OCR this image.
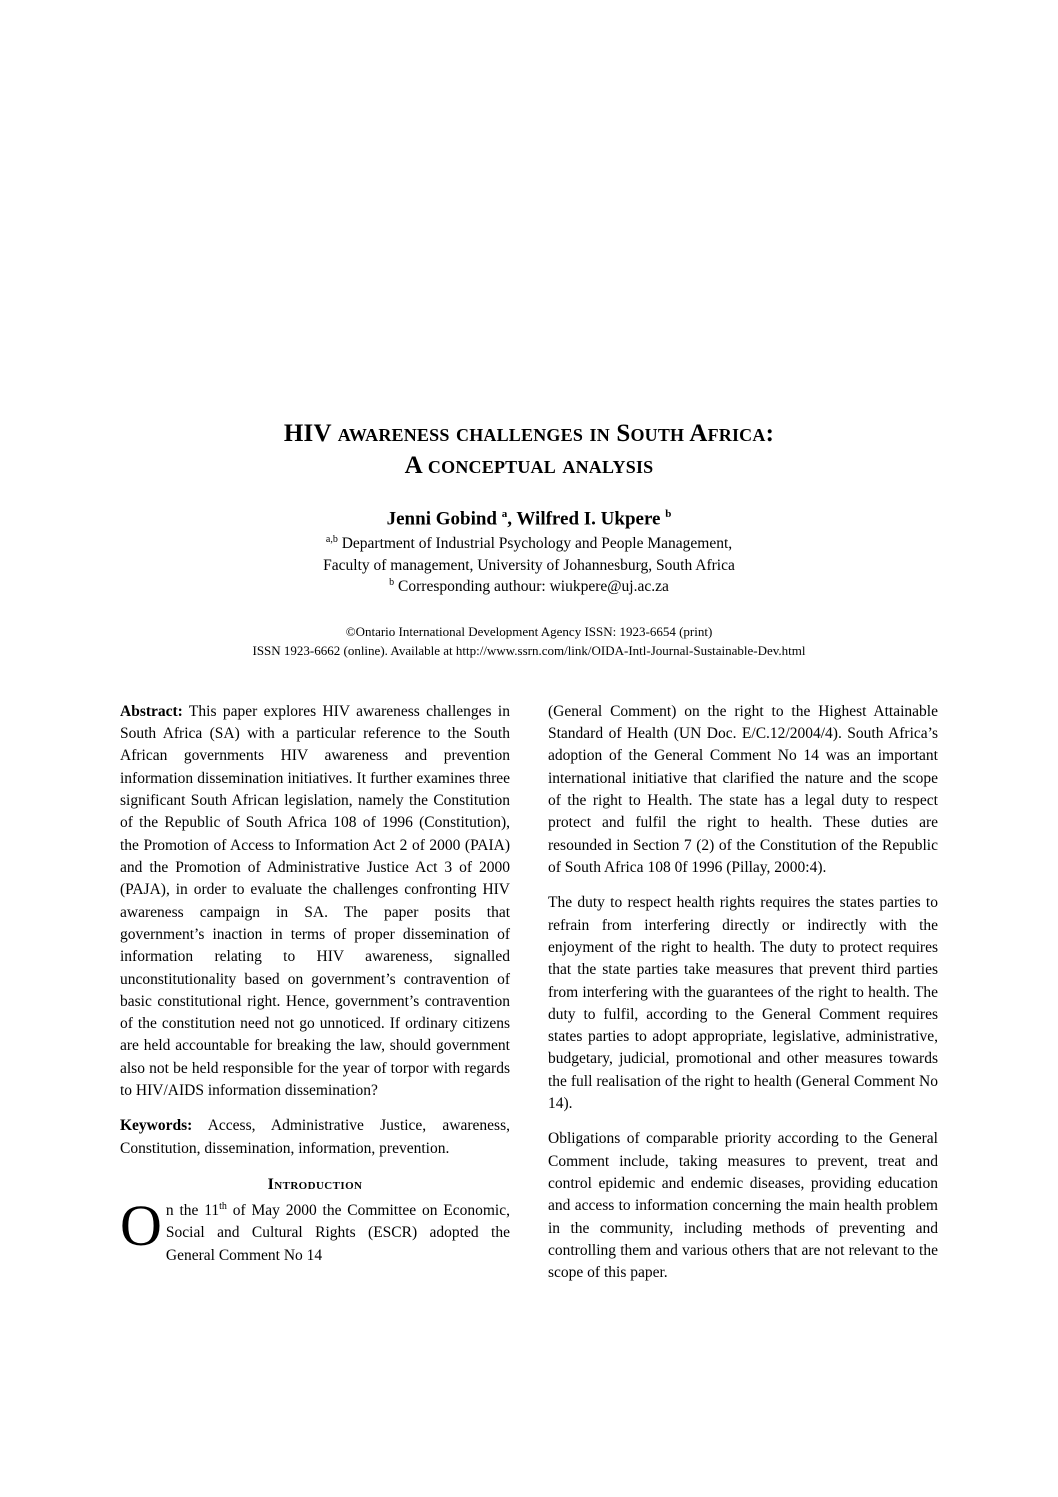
HIV awareness challenges in South Africa:
A conceptual analysis
Jenni Gobind $^a$, Wilfred I. Ukpere $^b$
$^{a,b}$ Department of Industrial Psychology and People Management,
Faculty of management, University of Johannesburg, South Africa
$^b$ Corresponding authour: wiukpere@uj.ac.za
©Ontario International Development Agency ISSN: 1923-6654 (print)
ISSN 1923-6662 (online). Available at http://www.ssrn.com/link/OIDA-Intl-Journal-Sustainable-Dev.html

Abstract: This paper explores HIV awareness challenges in South Africa (SA) with a particular reference to the South African governments HIV awareness and prevention information dissemination initiatives. It further examines three significant South African legislation, namely the Constitution of the Republic of South Africa 108 of 1996 (Constitution), the Promotion of Access to Information Act 2 of 2000 (PAIA) and the Promotion of Administrative Justice Act 3 of 2000 (PAJA), in order to evaluate the challenges confronting HIV awareness campaign in SA. The paper posits that government’s inaction in terms of proper dissemination of information relating to HIV awareness, signalled unconstitutionality based on government’s contravention of basic constitutional right. Hence, government’s contravention of the constitution need not go unnoticed. If ordinary citizens are held accountable for breaking the law, should government also not be held responsible for the year of torpor with regards to HIV/AIDS information dissemination?

Keywords: Access, Administrative Justice, awareness, Constitution, dissemination, information, prevention.

Introduction

On the 11th of May 2000 the Committee on Economic, Social and Cultural Rights (ESCR) adopted the General Comment No 14

(General Comment) on the right to the Highest Attainable Standard of Health (UN Doc. E/C.12/2004/4). South Africa’s adoption of the General Comment No 14 was an important international initiative that clarified the nature and the scope of the right to Health. The state has a legal duty to respect protect and fulfil the right to health. These duties are resounded in Section 7 (2) of the Constitution of the Republic of South Africa 108 0f 1996 (Pillay, 2000:4).

The duty to respect health rights requires the states parties to refrain from interfering directly or indirectly with the enjoyment of the right to health. The duty to protect requires that the state parties take measures that prevent third parties from interfering with the guarantees of the right to health. The duty to fulfil, according to the General Comment requires states parties to adopt appropriate, legislative, administrative, budgetary, judicial, promotional and other measures towards the full realisation of the right to health (General Comment No 14).

Obligations of comparable priority according to the General Comment include, taking measures to prevent, treat and control epidemic and endemic diseases, providing education and access to information concerning the main health problem in the community, including methods of preventing and controlling them and various others that are not relevant to the scope of this paper.
